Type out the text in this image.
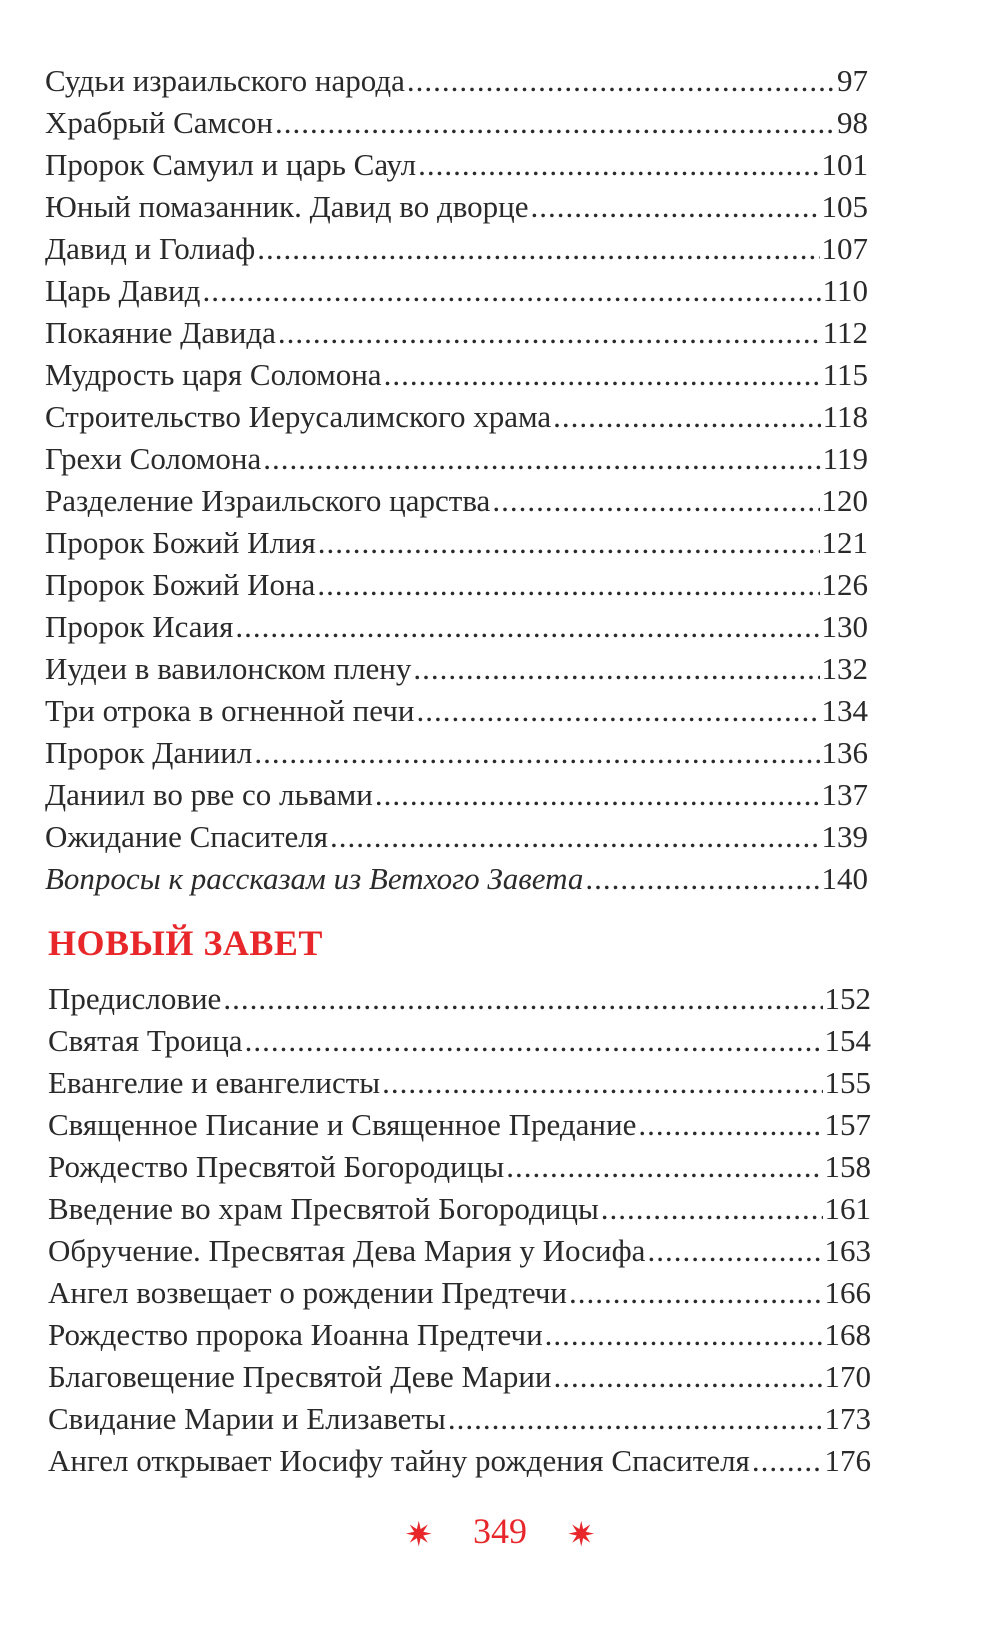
Судьи израильского народа .....	97
Храбрый Самсон .....	98
Пророк Самуил и царь Саул .....	101
Юный помазанник. Давид во дворце .....	105
Давид и Голиаф .....	107
Царь Давид .....	110
Покаяние Давида .....	112
Мудрость царя Соломона .....	115
Строительство Иерусалимского храма .....	118
Грехи Соломона .....	119
Разделение Израильского царства .....	120
Пророк Божий Илия .....	121
Пророк Божий Иона .....	126
Пророк Исаия .....	130
Иудеи в вавилонском плену .....	132
Три отрока в огненной печи .....	134
Пророк Даниил .....	136
Даниил во рве со львами .....	137
Ожидание Спасителя .....	139
Вопросы к рассказам из Ветхого Завета .....	140
НОВЫЙ ЗАВЕТ
Предисловие .....	152
Святая Троица .....	154
Евангелие и евангелисты .....	155
Священное Писание и Священное Предание .....	157
Рождество Пресвятой Богородицы .....	158
Введение во храм Пресвятой Богородицы .....	161
Обручение. Пресвятая Дева Мария у Иосифа .....	163
Ангел возвещает о рождении Предтечи .....	166
Рождество пророка Иоанна Предтечи .....	168
Благовещение Пресвятой Деве Марии .....	170
Свидание Марии и Елизаветы .....	173
Ангел открывает Иосифу тайну рождения Спасителя ..... 176
✷ 349 ✷
